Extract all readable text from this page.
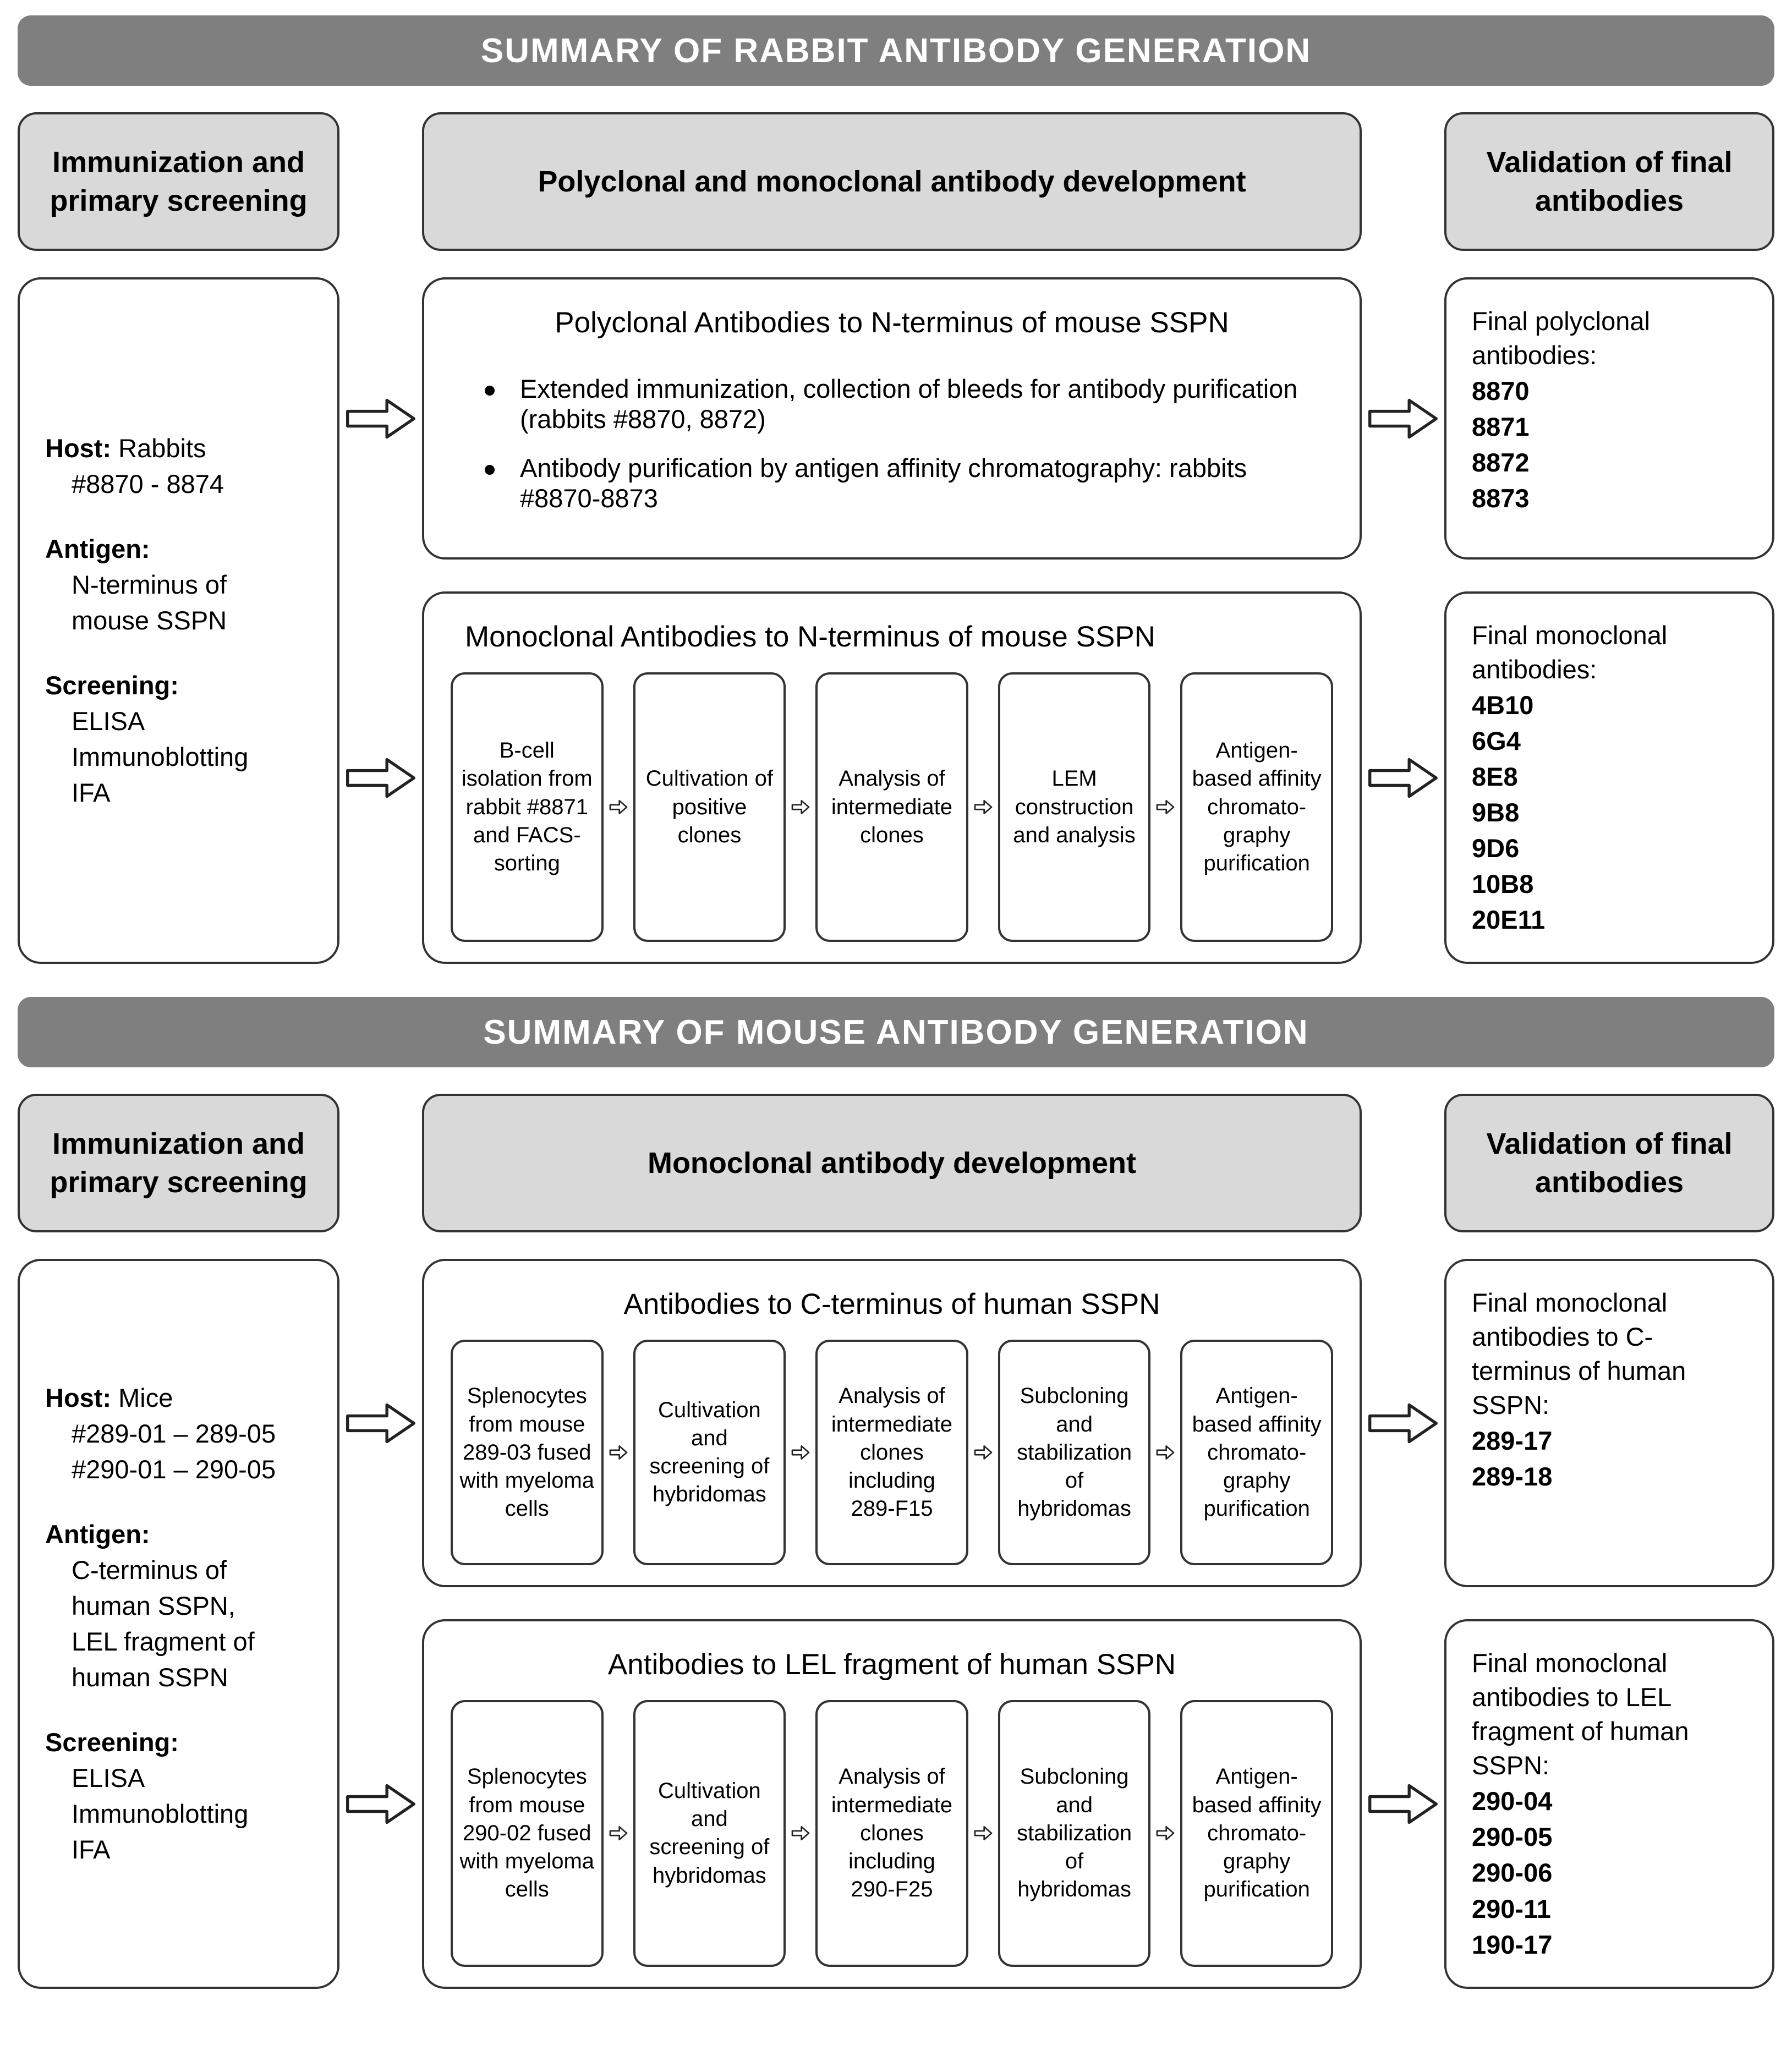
SUMMARY OF RABBIT ANTIBODY GENERATION
Immunization and primary screening
Polyclonal and monoclonal antibody development
Validation of final antibodies

Host: Rabbits

#8870 - 8874

Antigen:

N-terminus of
mouse SSPN

Screening:

ELISA
Immunoblotting
IFA

Polyclonal Antibodies to N-terminus of mouse SSPN

Extended immunization, collection of bleeds for antibody purification (rabbits #8870, 8872)
Antibody purification by antigen affinity chromatography: rabbits #8870-8873

Final polyclonal antibodies:

8870
8871
8872
8873

Monoclonal Antibodies to N-terminus of mouse SSPN

B-cell isolation from rabbit #8871 and FACS-sorting
Cultivation of positive clones
Analysis of intermediate clones
LEM construction and analysis
Antigen-based affinity chromato-graphy purification

Final monoclonal antibodies:

4B10
6G4
8E8
9B8
9D6
10B8
20E11
SUMMARY OF MOUSE ANTIBODY GENERATION
Immunization and primary screening
Monoclonal antibody development
Validation of final antibodies

Host: Mice

#289-01 – 289-05
#290-01 – 290-05

Antigen:

C-terminus of
human SSPN,
LEL fragment of
human SSPN

Screening:

ELISA
Immunoblotting
IFA

Antibodies to C-terminus of human SSPN

Splenocytes from mouse 289-03 fused with myeloma cells
Cultivation and screening of hybridomas
Analysis of intermediate clones including 289-F15
Subcloning and stabilization of hybridomas
Antigen-based affinity chromato-graphy purification

Final monoclonal antibodies to C-terminus of human SSPN:

289-17
289-18

Antibodies to LEL fragment of human SSPN

Splenocytes from mouse 290-02 fused with myeloma cells
Cultivation and screening of hybridomas
Analysis of intermediate clones including 290-F25
Subcloning and stabilization of hybridomas
Antigen-based affinity chromato-graphy purification

Final monoclonal antibodies to LEL fragment of human SSPN:

290-04
290-05
290-06
290-11
190-17
